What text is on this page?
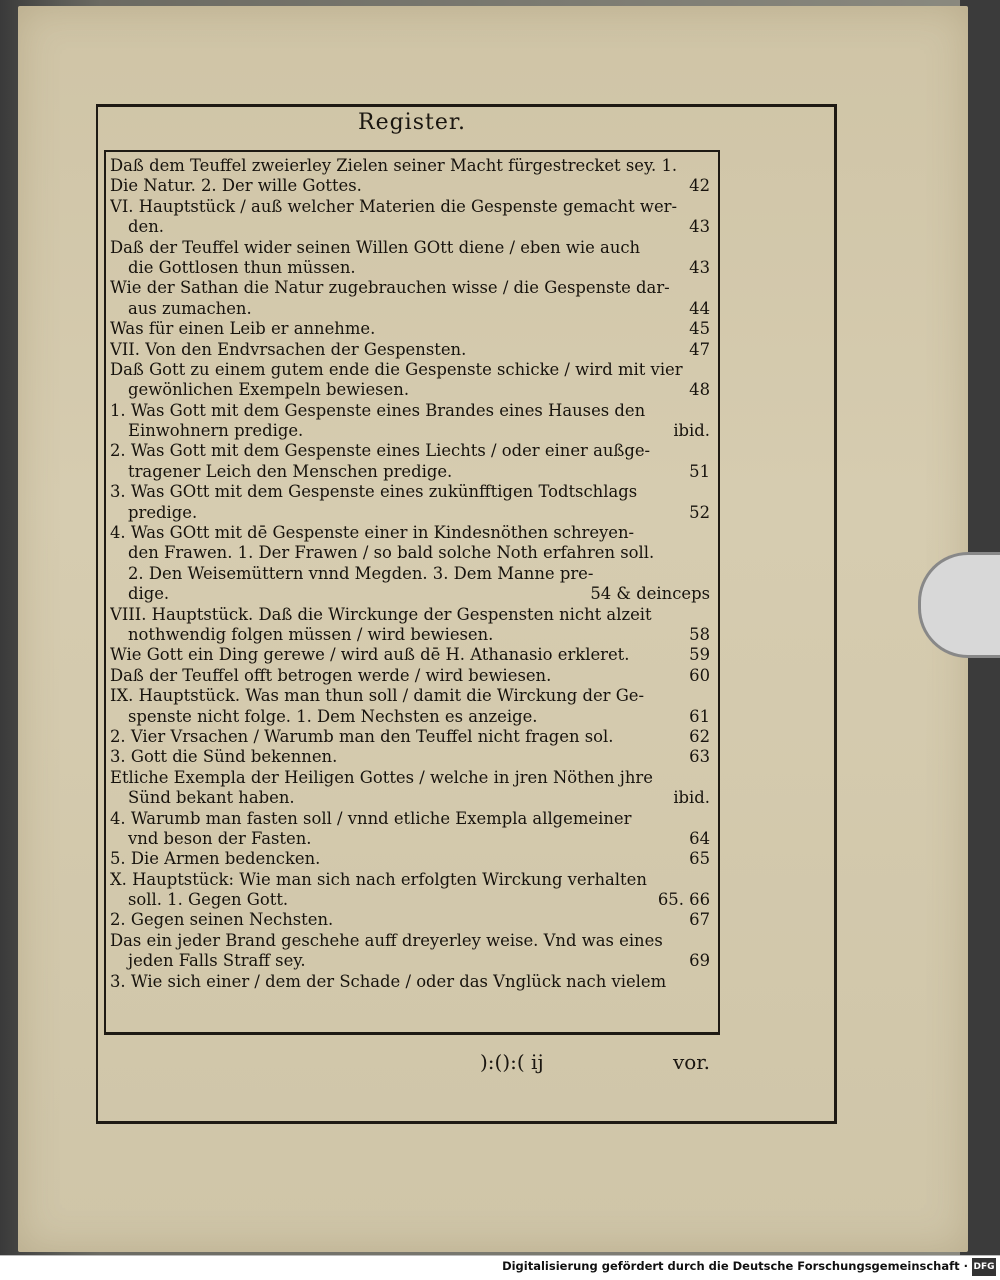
Register.
Daß dem Teuffel zweierley Zielen seiner Macht fürgestrecket sey. 1.
Die Natur. 2. Der wille Gottes.	42
VI. Hauptstück / auß welcher Materien die Gespenste gemacht wer-
den.	43
Daß der Teuffel wider seinen Willen GOtt diene / eben wie auch
die Gottlosen thun müssen.	43
Wie der Sathan die Natur zugebrauchen wisse / die Gespenste dar-
aus zumachen.	44
Was für einen Leib er annehme.	45
VII. Von den Endvrsachen der Gespensten.	47
Daß Gott zu einem gutem ende die Gespenste schicke / wird mit vier
gewönlichen Exempeln bewiesen.	48
1. Was Gott mit dem Gespenste eines Brandes eines Hauses den
Einwohnern predige.	ibid.
2. Was Gott mit dem Gespenste eines Liechts / oder einer außge-
tragener Leich den Menschen predige.	51
3. Was GOtt mit dem Gespenste eines zukünfftigen Todtschlags
predige.	52
4. Was GOtt mit dē Gespenste einer in Kindesnöthen schreyen-
den Frawen. 1. Der Frawen / so bald solche Noth erfahren soll.
2. Den Weisemüttern vnnd Megden. 3. Dem Manne pre-
dige.	54 & deinceps
VIII. Hauptstück. Daß die Wirckunge der Gespensten nicht alzeit
nothwendig folgen müssen / wird bewiesen.	58
Wie Gott ein Ding gerewe / wird auß dē H. Athanasio erkleret.	59
Daß der Teuffel offt betrogen werde / wird bewiesen.	60
IX. Hauptstück. Was man thun soll / damit die Wirckung der Ge-
spenste nicht folge. 1. Dem Nechsten es anzeige.	61
2. Vier Vrsachen / Warumb man den Teuffel nicht fragen sol.	62
3. Gott die Sünd bekennen.	63
Etliche Exempla der Heiligen Gottes / welche in jren Nöthen jhre
Sünd bekant haben.	ibid.
4. Warumb man fasten soll / vnnd etliche Exempla allgemeiner
vnd beson der Fasten.	64
5. Die Armen bedencken.	65
X. Hauptstück: Wie man sich nach erfolgten Wirckung verhalten
soll. 1. Gegen Gott.	65. 66
2. Gegen seinen Nechsten.	67
Das ein jeder Brand geschehe auff dreyerley weise. Vnd was eines
jeden Falls Straff sey.	69
3. Wie sich einer / dem der Schade / oder das Vnglück nach vielem
):():( ij	vor.
Digitalisierung gefördert durch die Deutsche Forschungsgemeinschaft · DFG
